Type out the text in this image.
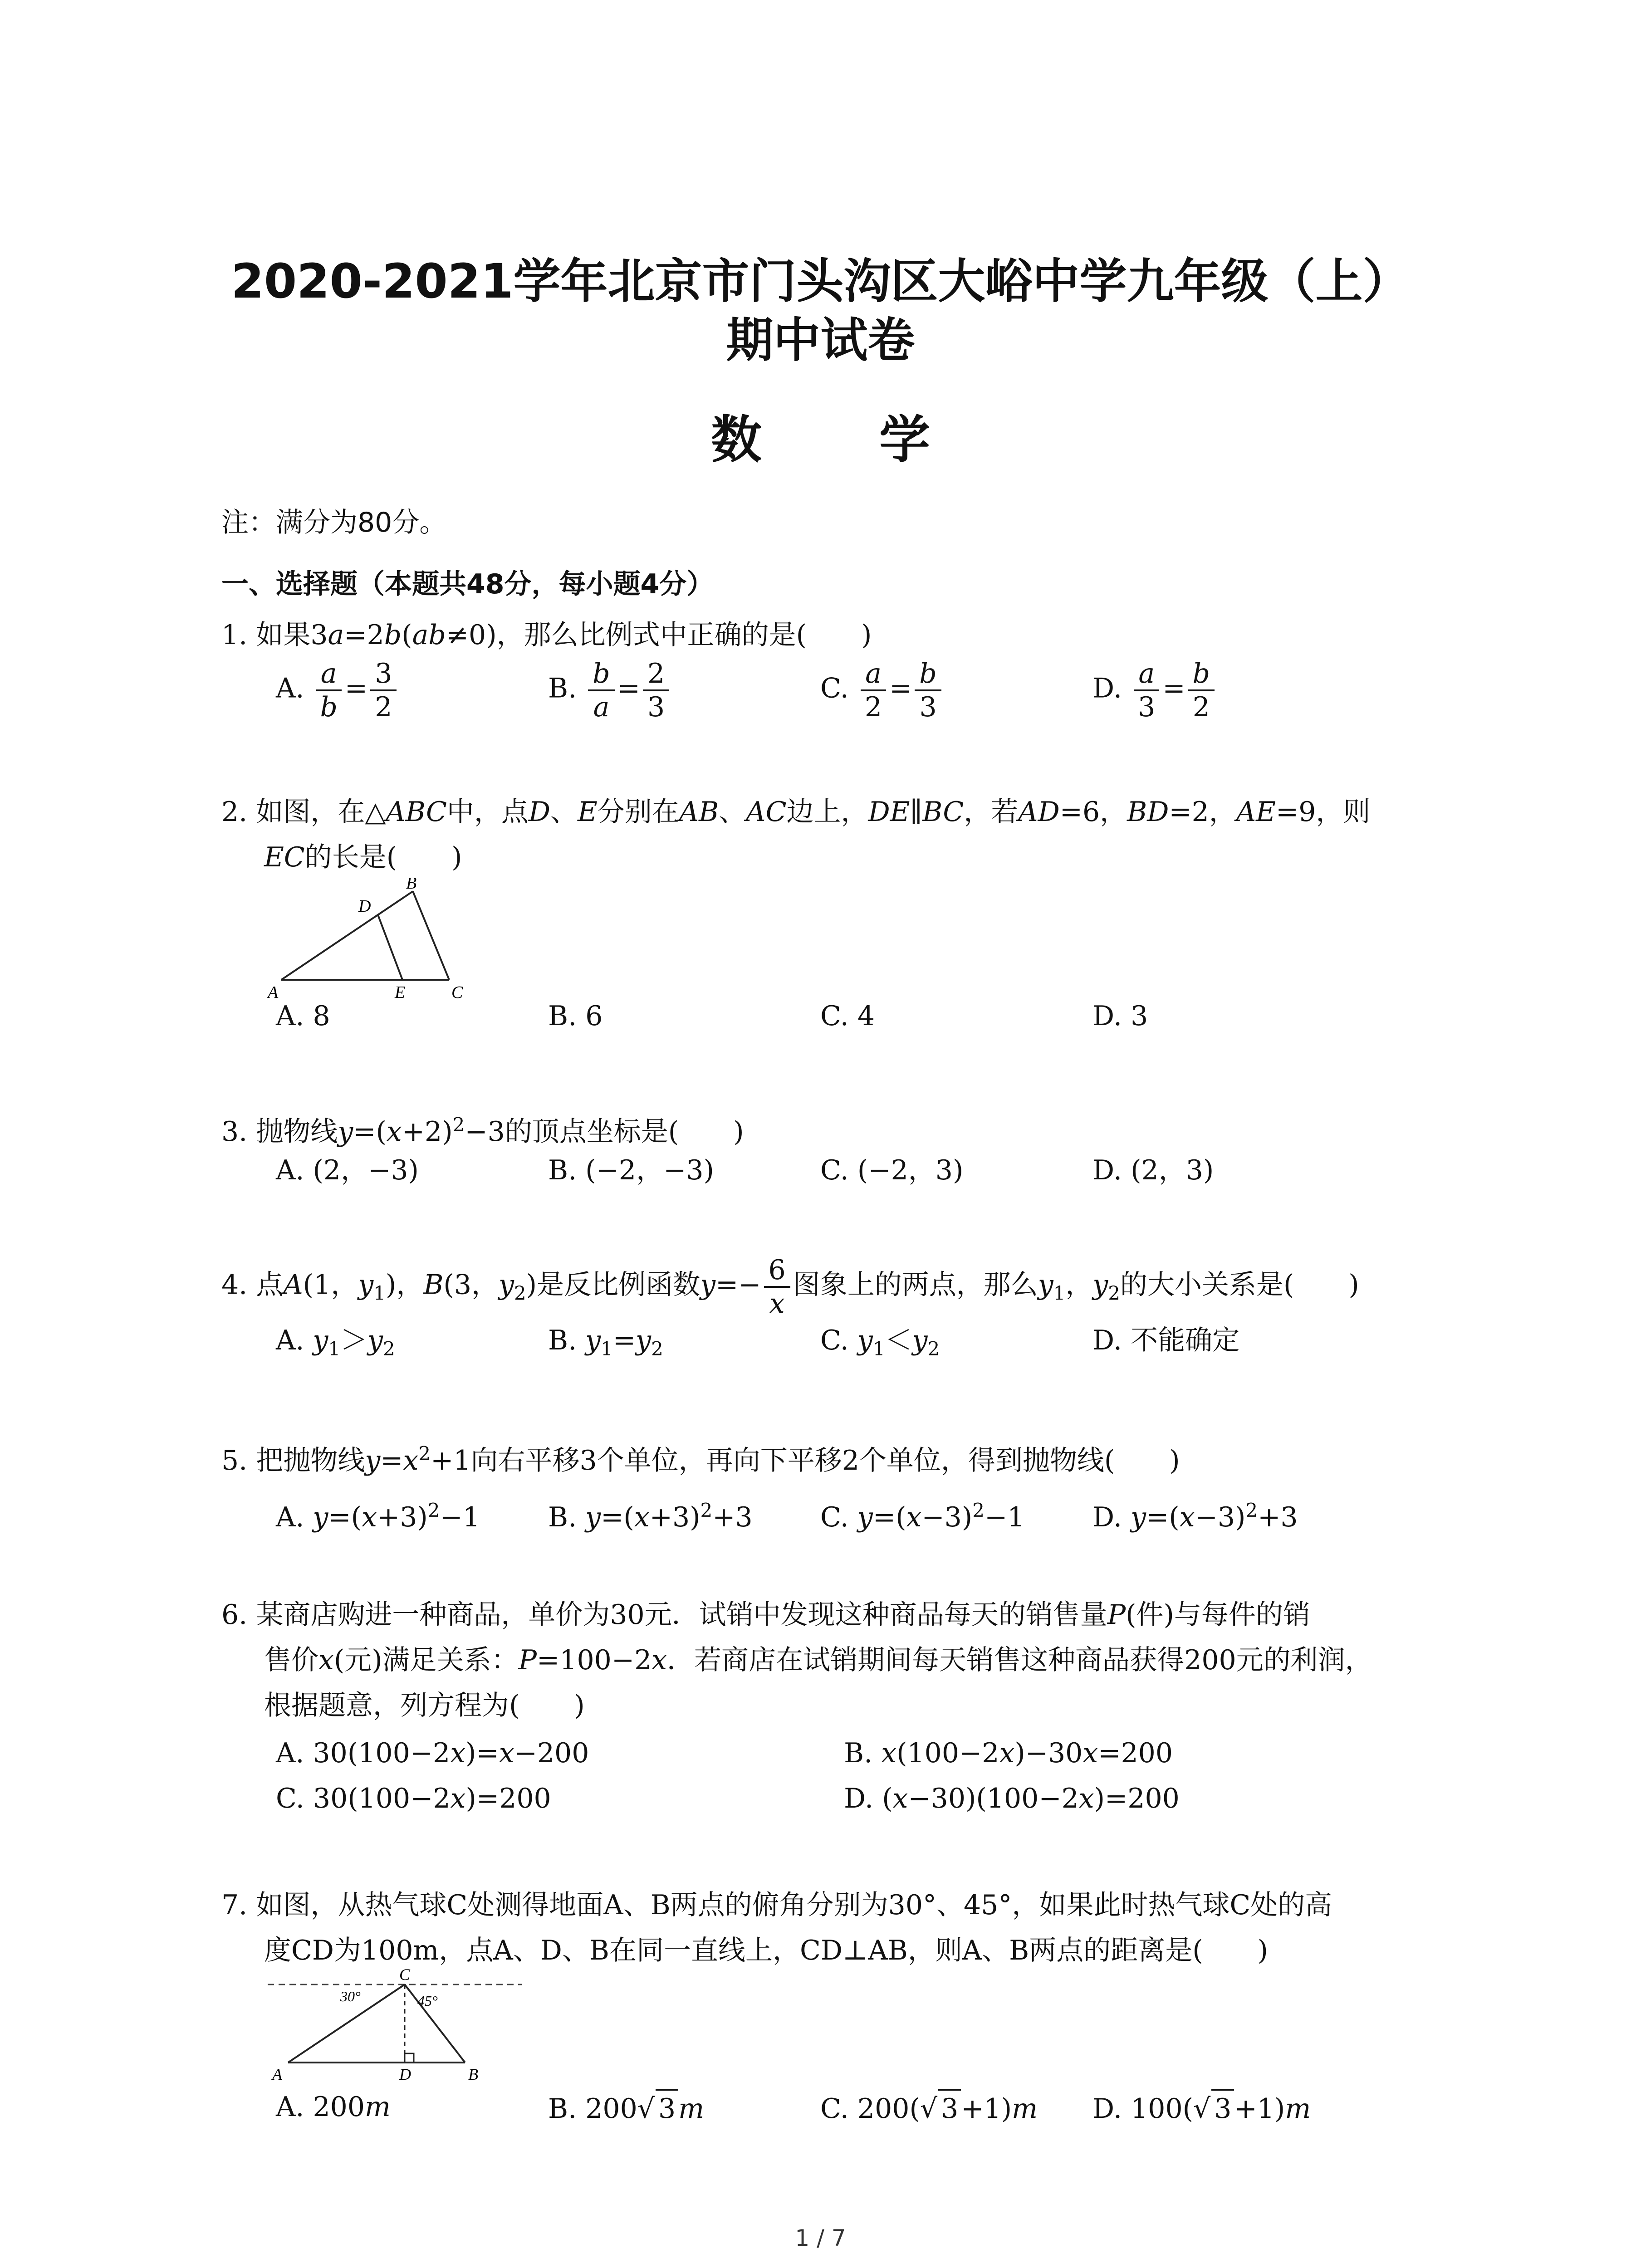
2020-2021学年北京市门头沟区大峪中学九年级（上）
期中试卷
数 学
注：满分为80分。
一、选择题（本题共48分，每小题4分）
1. 如果3a=2b(ab≠0)，那么比例式中正确的是(　　)
A. $\frac{a}{b} = \frac{3}{2}$	B. $\frac{b}{a} = \frac{2}{3}$	C. $\frac{a}{2} = \frac{b}{3}$	D. $\frac{a}{3} = \frac{b}{2}$
2. 如图，在△ABC中，点D、E分别在AB、AC边上，DE∥BC，若AD=6，BD=2，AE=9，则
EC的长是(　　)
A
B
C
D
E
A. 8	B. 6	C. 4	D. 3
3. 抛物线$y=(x+2)^2-3$的顶点坐标是(　　)
A. (2，−3)	B. (−2，−3)	C. (−2，3)	D. (2，3)
4. 点A(1，$y_1$)，B(3，$y_2$)是反比例函数$y=- \frac{6}{x}$ 图象上的两点，那么$y_1$，$y_2$的大小关系是(　　)
A. $y_1>y_2$	B. $y_1=y_2$	C. $y_1<y_2$	D. 不能确定
5. 把抛物线$y=x^2+1$向右平移3个单位，再向下平移2个单位，得到抛物线(　　)
A. $y=(x+3)^2-1$	B. $y=(x+3)^2+3$ C. $y=(x-3)^2-1$ D. $y=(x-3)^2+3$
6. 某商店购进一种商品，单价为30元．试销中发现这种商品每天的销售量P(件)与每件的销
售价x(元)满足关系：P=100−2x．若商店在试销期间每天销售这种商品获得200元的利润，
根据题意，列方程为(　　)
A. 30(100−2x)=x−200	B. x(100−2x)−30x=200
C. 30(100−2x)=200	D. (x−30)(100−2x)=200
7. 如图，从热气球C处测得地面A、B两点的俯角分别为30°、45°，如果此时热气球C处的高
度CD为100m，点A、D、B在同一直线上，CD⊥AB，则A、B两点的距离是(　　)
C
A	D	B
30°	45°
A. 200m	B. 200√ 3 m	C. 200(√ 3 +1)m D. 100(√ 3 +1)m
1 / 7
